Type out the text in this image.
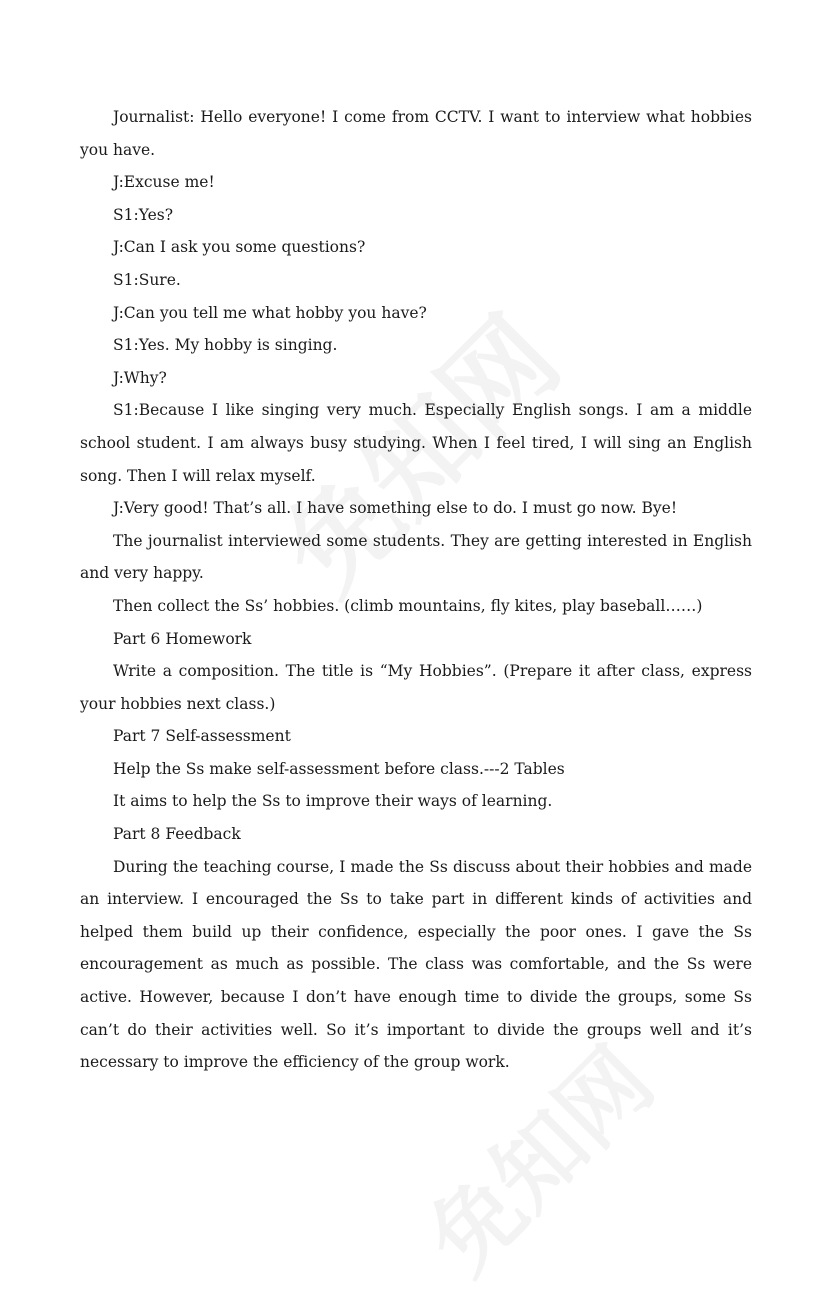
Journalist: Hello everyone! I come from CCTV. I want to interview what hobbies you have.

J:Excuse me!

S1:Yes?

J:Can I ask you some questions?

S1:Sure.

J:Can you tell me what hobby you have?

S1:Yes. My hobby is singing.

J:Why?

S1:Because I like singing very much. Especially English songs. I am a middle school student. I am always busy studying. When I feel tired, I will sing an English song. Then I will relax myself.

J:Very good! That’s all. I have something else to do. I must go now. Bye!

The journalist interviewed some students. They are getting interested in English and very happy.

Then collect the Ss’ hobbies. (climb mountains, fly kites, play baseball……)

Part 6 Homework

Write a composition. The title is “My Hobbies”. (Prepare it after class, express your hobbies next class.)

Part 7 Self-assessment

Help the Ss make self-assessment before class.---2 Tables

It aims to help the Ss to improve their ways of learning.

Part 8 Feedback

During the teaching course, I made the Ss discuss about their hobbies and made an interview. I encouraged the Ss to take part in different kinds of activities and helped them build up their confidence, especially the poor ones. I gave the Ss encouragement as much as possible. The class was comfortable, and the Ss were active. However, because I don’t have enough time to divide the groups, some Ss can’t do their activities well. So it’s important to divide the groups well and it’s necessary to improve the efficiency of the group work.
